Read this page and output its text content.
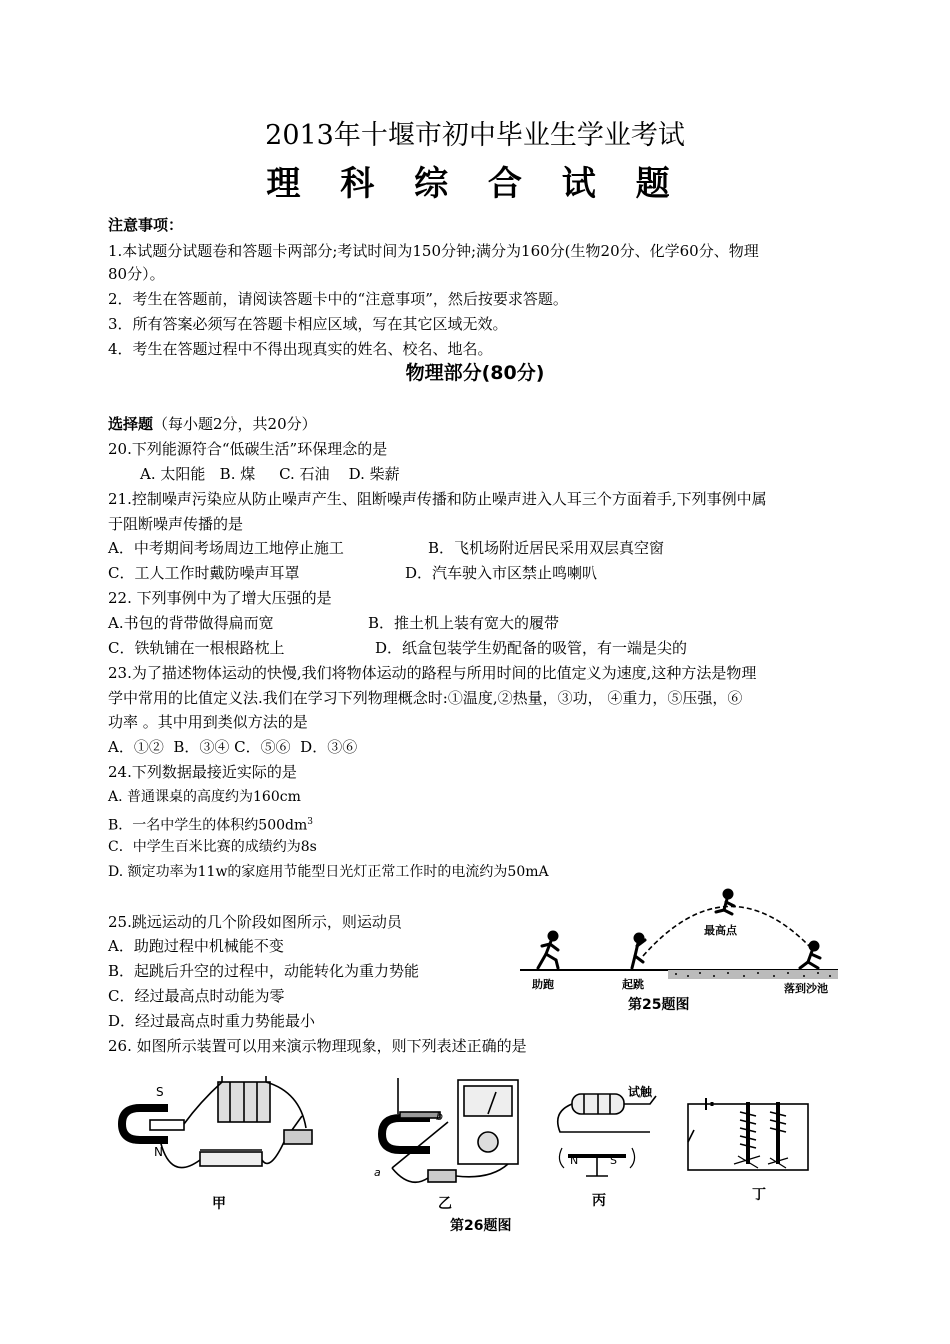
2013年十堰市初中毕业生学业考试
理 科 综 合 试 题
注意事项：
1.本试题分试题卷和答题卡两部分;考试时间为150分钟;满分为160分(生物20分、化学60分、物理
80分）。
2．考生在答题前，请阅读答题卡中的“注意事项”，然后按要求答题。
3．所有答案必须写在答题卡相应区域，写在其它区域无效。
4．考生在答题过程中不得出现真实的姓名、校名、地名。
物理部分(80分)
选择题（每小题2分，共20分）
20.下列能源符合“低碳生活”环保理念的是
A. 太阳能   B. 煤     C. 石油    D. 柴薪
21.控制噪声污染应从防止噪声产生、阻断噪声传播和防止噪声进入人耳三个方面着手,下列事例中属
于阻断噪声传播的是
A．中考期间考场周边工地停止施工	B．飞机场附近居民采用双层真空窗
C．工人工作时戴防噪声耳罩	D．汽车驶入市区禁止鸣喇叭
22. 下列事例中为了增大压强的是
A.书包的背带做得扁而宽	B．推土机上装有宽大的履带
C．铁轨铺在一根根路枕上	D．纸盒包装学生奶配备的吸管，有一端是尖的
23.为了描述物体运动的快慢,我们将物体运动的路程与所用时间的比值定义为速度,这种方法是物理
学中常用的比值定义法.我们在学习下列物理概念时:①温度,②热量，③功， ④重力，⑤压强，⑥
功率 。其中用到类似方法的是
A．①②  B．③④ C．⑤⑥  D．③⑥
24.下列数据最接近实际的是
A. 普通课桌的高度约为160cm
B．一名中学生的体积约$500dm^3$
C．中学生百米比赛的成绩约为8s
D. 额定功率为11w的家庭用节能型日光灯正常工作时的电流约为50mA
25.跳远运动的几个阶段如图所示，则运动员
A．助跑过程中机械能不变
B．起跳后升空的过程中，动能转化为重力势能
C．经过最高点时动能为零
D．经过最高点时重力势能最小
助跑	起跳
最高点
落到沙池
第25题图
26. 如图所示装置可以用来演示物理现象，则下列表述正确的是
S
N
a
b
试触
N	S
甲	乙	丙	丁
第26题图
